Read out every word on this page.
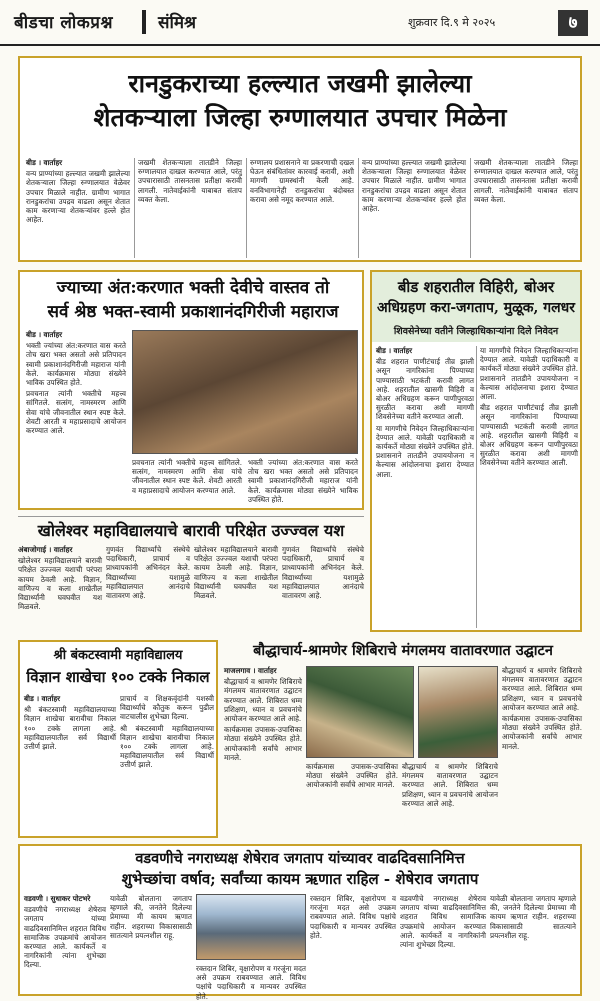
बीडचा लोकप्रश्न	संमिश्र	शुक्रवार दि.९ मे २०२५	७
रानडुकराच्या हल्ल्यात जखमी झालेल्या
शेतकऱ्याला जिल्हा रुग्णालयात उपचार मिळेना
बीड । वार्ताहर
वन्य प्राण्यांच्या हल्ल्यात जखमी झालेल्या शेतकऱ्याला जिल्हा रुग्णालयात वेळेवर उपचार मिळाले नाहीत. ग्रामीण भागात रानडुकरांचा उपद्रव वाढला असून शेतात काम करणाऱ्या शेतकऱ्यांवर हल्ले होत आहेत.
जखमी शेतकऱ्याला तातडीने जिल्हा रुग्णालयात दाखल करण्यात आले, परंतु उपचारासाठी तासनतास प्रतीक्षा करावी लागली. नातेवाईकांनी याबाबत संताप व्यक्त केला.
रुग्णालय प्रशासनाने या प्रकरणाची दखल घेऊन संबंधितांवर कारवाई करावी, अशी मागणी ग्रामस्थांनी केली आहे. वनविभागानेही रानडुकरांचा बंदोबस्त करावा असे नमूद करण्यात आले.
वन्य प्राण्यांच्या हल्ल्यात जखमी झालेल्या शेतकऱ्याला जिल्हा रुग्णालयात वेळेवर उपचार मिळाले नाहीत. ग्रामीण भागात रानडुकरांचा उपद्रव वाढला असून शेतात काम करणाऱ्या शेतकऱ्यांवर हल्ले होत आहेत.
जखमी शेतकऱ्याला तातडीने जिल्हा रुग्णालयात दाखल करण्यात आले, परंतु उपचारासाठी तासनतास प्रतीक्षा करावी लागली. नातेवाईकांनी याबाबत संताप व्यक्त केला.
ज्याच्या अंत:करणात भक्ती देवीचे वास्तव तो
सर्व श्रेष्ठ भक्त-स्वामी प्रकाशानंदगिरीजी महाराज
बीड । वार्ताहर
भक्ती ज्यांच्या अंत:करणात वास करते तोच खरा भक्त असतो असे प्रतिपादन स्वामी प्रकाशानंदगिरीजी महाराज यांनी केले. कार्यक्रमास मोठ्या संख्येने भाविक उपस्थित होते.
प्रवचनात त्यांनी भक्तीचे महत्त्व सांगितले. सत्संग, नामस्मरण आणि सेवा यांचे जीवनातील स्थान स्पष्ट केले. शेवटी आरती व महाप्रसादाचे आयोजन करण्यात आले.
प्रवचनात त्यांनी भक्तीचे महत्त्व सांगितले. सत्संग, नामस्मरण आणि सेवा यांचे जीवनातील स्थान स्पष्ट केले. शेवटी आरती व महाप्रसादाचे आयोजन करण्यात आले.
भक्ती ज्यांच्या अंत:करणात वास करते तोच खरा भक्त असतो असे प्रतिपादन स्वामी प्रकाशानंदगिरीजी महाराज यांनी केले. कार्यक्रमास मोठ्या संख्येने भाविक उपस्थित होते.
बीड शहरातील विहिरी, बोअर
अधिग्रहण करा-जगताप, मुळूक, गलधर
शिवसेनेच्या वतीने जिल्हाधिकाऱ्यांना दिले निवेदन
बीड । वार्ताहर
बीड शहरात पाणीटंचाई तीव्र झाली असून नागरिकांना पिण्याच्या पाण्यासाठी भटकंती करावी लागत आहे. शहरातील खासगी विहिरी व बोअर अधिग्रहण करून पाणीपुरवठा सुरळीत करावा अशी मागणी शिवसेनेच्या वतीने करण्यात आली.
या मागणीचे निवेदन जिल्हाधिकाऱ्यांना देण्यात आले. यावेळी पदाधिकारी व कार्यकर्ते मोठ्या संख्येने उपस्थित होते. प्रशासनाने तातडीने उपाययोजना न केल्यास आंदोलनाचा इशारा देण्यात आला.
या मागणीचे निवेदन जिल्हाधिकाऱ्यांना देण्यात आले. यावेळी पदाधिकारी व कार्यकर्ते मोठ्या संख्येने उपस्थित होते. प्रशासनाने तातडीने उपाययोजना न केल्यास आंदोलनाचा इशारा देण्यात आला.
बीड शहरात पाणीटंचाई तीव्र झाली असून नागरिकांना पिण्याच्या पाण्यासाठी भटकंती करावी लागत आहे. शहरातील खासगी विहिरी व बोअर अधिग्रहण करून पाणीपुरवठा सुरळीत करावा अशी मागणी शिवसेनेच्या वतीने करण्यात आली.
खोलेश्वर महाविद्यालयाचे बारावी परिक्षेत उज्ज्वल यश
अंबाजोगाई । वार्ताहर
खोलेश्वर महाविद्यालयाने बारावी परिक्षेत उज्ज्वल यशाची परंपरा कायम ठेवली आहे. विज्ञान, वाणिज्य व कला शाखेतील विद्यार्थ्यांनी घवघवीत यश मिळवले.
गुणवंत विद्यार्थ्यांचे संस्थेचे पदाधिकारी, प्राचार्य व प्राध्यापकांनी अभिनंदन केले. विद्यार्थ्यांच्या यशामुळे महाविद्यालयात आनंदाचे वातावरण आहे.
खोलेश्वर महाविद्यालयाने बारावी परिक्षेत उज्ज्वल यशाची परंपरा कायम ठेवली आहे. विज्ञान, वाणिज्य व कला शाखेतील विद्यार्थ्यांनी घवघवीत यश मिळवले.
गुणवंत विद्यार्थ्यांचे संस्थेचे पदाधिकारी, प्राचार्य व प्राध्यापकांनी अभिनंदन केले. विद्यार्थ्यांच्या यशामुळे महाविद्यालयात आनंदाचे वातावरण आहे.
श्री बंकटस्वामी महाविद्यालय
विज्ञान शाखेचा १०० टक्के निकाल
बीड । वार्ताहर
श्री बंकटस्वामी महाविद्यालयाच्या विज्ञान शाखेचा बारावीचा निकाल १०० टक्के लागला आहे. महाविद्यालयातील सर्व विद्यार्थी उत्तीर्ण झाले.
प्राचार्य व शिक्षकवृंदांनी यशस्वी विद्यार्थ्यांचे कौतुक करून पुढील वाटचालीस शुभेच्छा दिल्या.
श्री बंकटस्वामी महाविद्यालयाच्या विज्ञान शाखेचा बारावीचा निकाल १०० टक्के लागला आहे. महाविद्यालयातील सर्व विद्यार्थी उत्तीर्ण झाले.
बौद्धाचार्य-श्रामणेर शिबिराचे मंगलमय वातावरणात उद्घाटन
माजलगाव । वार्ताहर
बौद्धाचार्य व श्रामणेर शिबिराचे मंगलमय वातावरणात उद्घाटन करण्यात आले. शिबिरात धम्म प्रशिक्षण, ध्यान व प्रवचनांचे आयोजन करण्यात आले आहे.
कार्यक्रमास उपासक-उपासिका मोठ्या संख्येने उपस्थित होते. आयोजकांनी सर्वांचे आभार मानले.
कार्यक्रमास उपासक-उपासिका मोठ्या संख्येने उपस्थित होते. आयोजकांनी सर्वांचे आभार मानले.
बौद्धाचार्य व श्रामणेर शिबिराचे मंगलमय वातावरणात उद्घाटन करण्यात आले. शिबिरात धम्म प्रशिक्षण, ध्यान व प्रवचनांचे आयोजन करण्यात आले आहे.
बौद्धाचार्य व श्रामणेर शिबिराचे मंगलमय वातावरणात उद्घाटन करण्यात आले. शिबिरात धम्म प्रशिक्षण, ध्यान व प्रवचनांचे आयोजन करण्यात आले आहे.
कार्यक्रमास उपासक-उपासिका मोठ्या संख्येने उपस्थित होते. आयोजकांनी सर्वांचे आभार मानले.
वडवणीचे नगराध्यक्ष शेषेराव जगताप यांच्यावर वाढदिवसानिमित्त
शुभेच्छांचा वर्षाव; सर्वांच्या कायम ऋणात राहिल - शेषेराव जगताप
वडवणी । सुधाकर पोटभरे
वडवणीचे नगराध्यक्ष शेषेराव जगताप यांच्या वाढदिवसानिमित्त शहरात विविध सामाजिक उपक्रमांचे आयोजन करण्यात आले. कार्यकर्ते व नागरिकांनी त्यांना शुभेच्छा दिल्या.
यावेळी बोलताना जगताप म्हणाले की, जनतेने दिलेल्या प्रेमाच्या मी कायम ऋणात राहीन. शहराच्या विकासासाठी सातत्याने प्रयत्नशील राहू.
रक्तदान शिबिर, वृक्षारोपण व गरजूंना मदत असे उपक्रम राबवण्यात आले. विविध पक्षांचे पदाधिकारी व मान्यवर उपस्थित होते.
रक्तदान शिबिर, वृक्षारोपण व गरजूंना मदत असे उपक्रम राबवण्यात आले. विविध पक्षांचे पदाधिकारी व मान्यवर उपस्थित होते.
वडवणीचे नगराध्यक्ष शेषेराव जगताप यांच्या वाढदिवसानिमित्त शहरात विविध सामाजिक उपक्रमांचे आयोजन करण्यात आले. कार्यकर्ते व नागरिकांनी त्यांना शुभेच्छा दिल्या.
यावेळी बोलताना जगताप म्हणाले की, जनतेने दिलेल्या प्रेमाच्या मी कायम ऋणात राहीन. शहराच्या विकासासाठी सातत्याने प्रयत्नशील राहू.
